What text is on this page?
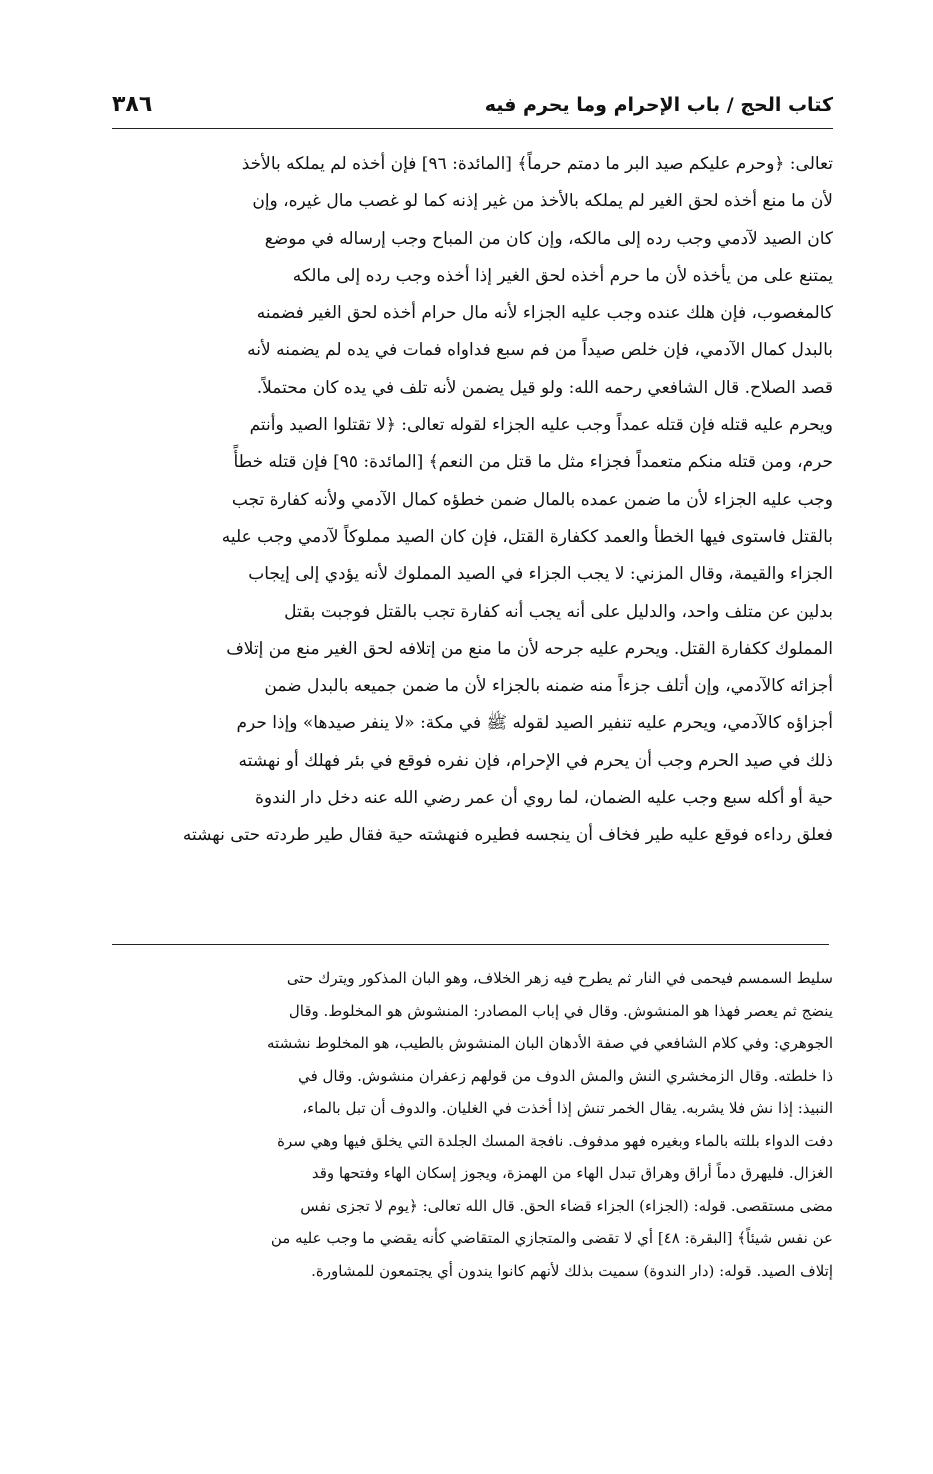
كتاب الحج / باب الإحرام وما يحرم فيه
٣٨٦
تعالى: ﴿وحرم عليكم صيد البر ما دمتم حرماً﴾ [المائدة: ٩٦] فإن أخذه لم يملكه بالأخذ
لأن ما منع أخذه لحق الغير لم يملكه بالأخذ من غير إذنه كما لو غصب مال غيره، وإن
كان الصيد لآدمي وجب رده إلى مالكه، وإن كان من المباح وجب إرساله في موضع
يمتنع على من يأخذه لأن ما حرم أخذه لحق الغير إذا أخذه وجب رده إلى مالكه
كالمغصوب، فإن هلك عنده وجب عليه الجزاء لأنه مال حرام أخذه لحق الغير فضمنه
بالبدل كمال الآدمي، فإن خلص صيداً من فم سبع فداواه فمات في يده لم يضمنه لأنه
قصد الصلاح. قال الشافعي رحمه الله: ولو قيل يضمن لأنه تلف في يده كان محتملاً.
ويحرم عليه قتله فإن قتله عمداً وجب عليه الجزاء لقوله تعالى: ﴿لا تقتلوا الصيد وأنتم
حرم، ومن قتله منكم متعمداً فجزاء مثل ما قتل من النعم﴾ [المائدة: ٩٥] فإن قتله خطأً
وجب عليه الجزاء لأن ما ضمن عمده بالمال ضمن خطؤه كمال الآدمي ولأنه كفارة تجب
بالقتل فاستوى فيها الخطأ والعمد ككفارة القتل، فإن كان الصيد مملوكاً لآدمي وجب عليه
الجزاء والقيمة، وقال المزني: لا يجب الجزاء في الصيد المملوك لأنه يؤدي إلى إيجاب
بدلين عن متلف واحد، والدليل على أنه يجب أنه كفارة تجب بالقتل فوجبت بقتل
المملوك ككفارة القتل. ويحرم عليه جرحه لأن ما منع من إتلافه لحق الغير منع من إتلاف
أجزائه كالآدمي، وإن أتلف جزءاً منه ضمنه بالجزاء لأن ما ضمن جميعه بالبدل ضمن
أجزاؤه كالآدمي، ويحرم عليه تنفير الصيد لقوله ﷺ في مكة: «لا ينفر صيدها» وإذا حرم
ذلك في صيد الحرم وجب أن يحرم في الإحرام، فإن نفره فوقع في بئر فهلك أو نهشته
حية أو أكله سبع وجب عليه الضمان، لما روي أن عمر رضي الله عنه دخل دار الندوة
فعلق رداءه فوقع عليه طير فخاف أن ينجسه فطيره فنهشته حية فقال طير طردته حتى نهشته
سليط السمسم فيحمى في النار ثم يطرح فيه زهر الخلاف، وهو البان المذكور ويترك حتى
ينضج ثم يعصر فهذا هو المنشوش. وقال في إباب المصادر: المنشوش هو المخلوط. وقال
الجوهري: وفي كلام الشافعي في صفة الأدهان البان المنشوش بالطيب، هو المخلوط نششته
ذا خلطته. وقال الزمخشري النش والمش الدوف من قولهم زعفران منشوش. وقال في
النبيذ: إذا نش فلا يشربه. يقال الخمر تنش إذا أخذت في الغليان. والدوف أن تبل بالماء،
دفت الدواء بللته بالماء وبغيره فهو مدفوف. نافجة المسك الجلدة التي يخلق فيها وهي سرة
الغزال. فليهرق دماً أراق وهراق تبدل الهاء من الهمزة، ويجوز إسكان الهاء وفتحها وقد
مضى مستقصى. قوله: (الجزاء) الجزاء قضاء الحق. قال الله تعالى: ﴿يوم لا تجزى نفس
عن نفس شيئاً﴾ [البقرة: ٤٨] أي لا تقضى والمتجازي المتقاضي كأنه يقضي ما وجب عليه من
إتلاف الصيد. قوله: (دار الندوة) سميت بذلك لأنهم كانوا يندون أي يجتمعون للمشاورة.
